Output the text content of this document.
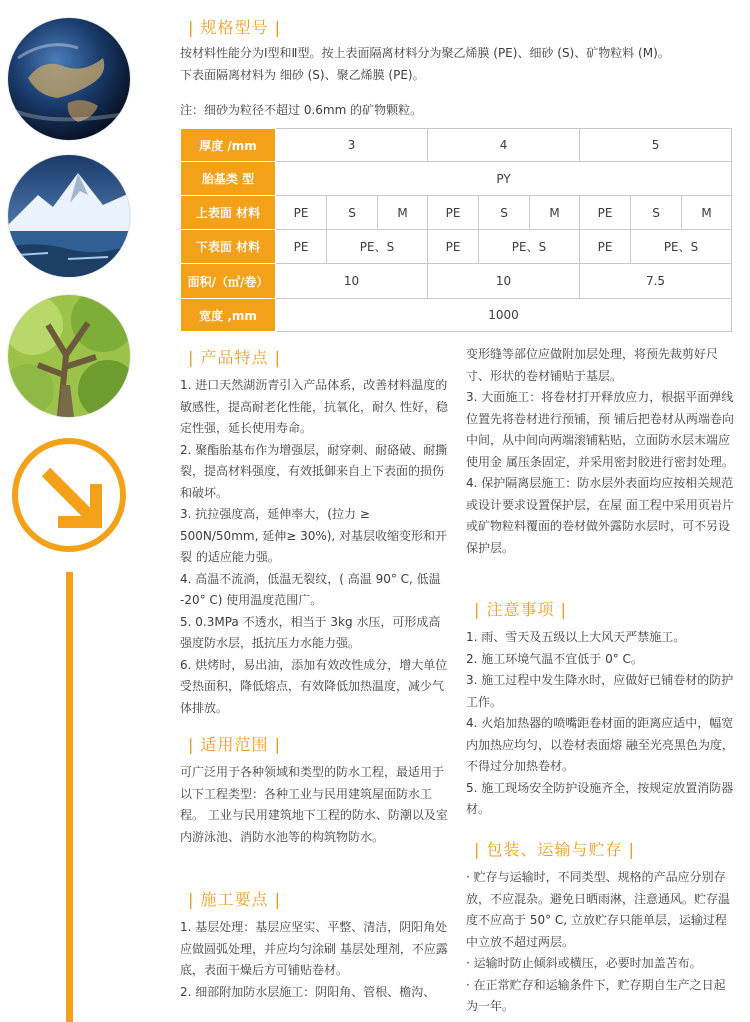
| 规格型号 |

按材料性能分为Ⅰ型和Ⅱ型。按上表面隔离材料分为聚乙烯膜 (PE)、细砂 (S)、矿物粒料 (M)。

下表面隔离材料为 细砂 (S)、聚乙烯膜 (PE)。

注：细砂为粒径不超过 0.6mm 的矿物颗粒。

厚度 /mm	3			4			5		
胎基类 型	PY								
上表面 材料	PE	S	M	PE	S	M	PE	S	M
下表面 材料	PE	PE、S		PE	PE、S		PE	PE、S	
面积/（㎡/卷）	10			10			7.5		
宽度 ,mm	1000								
| 产品特点 |

1. 进口天然湖沥青引入产品体系，改善材料温度的敏感性，提高耐老化性能，抗氧化，耐久 性好，稳定性强，延长使用寿命。

2. 聚酯胎基布作为增强层，耐穿刺、耐硌破、耐撕裂，提高材料强度，有效抵御来自上下表面的损伤和破坏。

3. 抗拉强度高，延伸率大，(拉力 ≥ 500N/50mm, 延伸≥ 30%), 对基层收缩变形和开裂 的适应能力强。

4. 高温不流淌，低温无裂纹，( 高温 90° C, 低温 -20° C) 使用温度范围广。

5. 0.3MPa 不透水，相当于 3kg 水压，可形成高强度防水层，抵抗压力水能力强。

6. 烘烤时，易出油，添加有效改性成分，增大单位受热面积，降低熔点，有效降低加热温度，减少气体排放。

| 适用范围 |

可广泛用于各种领域和类型的防水工程，最适用于以下工程类型：各种工业与民用建筑屋面防水工程。 工业与民用建筑地下工程的防水、防潮以及室内游泳池、消防水池等的构筑物防水。

| 施工要点 |

1. 基层处理：基层应坚实、平整、清洁，阴阳角处应做圆弧处理，并应均匀涂刷 基层处理剂，不应露底，表面干燥后方可铺贴卷材。

2. 细部附加防水层施工：阴阳角、管根、檐沟、

变形缝等部位应做附加层处理，将预先裁剪好尺寸、形状的卷材铺贴于基层。

3. 大面施工：将卷材打开释放应力，根据平面弹线位置先将卷材进行预铺，预 铺后把卷材从两端卷向中间，从中间向两端滚铺粘贴，立面防水层末端应使用金 属压条固定，并采用密封胶进行密封处理。

4. 保护隔离层施工：防水层外表面均应按相关规范或设计要求设置保护层，在屋 面工程中采用页岩片或矿物粒料覆面的卷材做外露防水层时，可不另设保护层。

| 注意事项 |

1. 雨、雪天及五级以上大风天严禁施工。

2. 施工环境气温不宜低于 0° C。

3. 施工过程中发生降水时，应做好已铺卷材的防护工作。

4. 火焰加热器的喷嘴距卷材面的距离应适中，幅宽内加热应均匀，以卷材表面熔 融至光亮黑色为度，不得过分加热卷材。

5. 施工现场安全防护设施齐全，按规定放置消防器材。

| 包装、运输与贮存 |

· 贮存与运输时，不同类型、规格的产品应分别存放，不应混杂。避免日晒雨淋，注意通风。贮存温度不应高于 50° C, 立放贮存只能单层，运输过程中立放不超过两层。

· 运输时防止倾斜或横压，必要时加盖苫布。

· 在正常贮存和运输条件下，贮存期自生产之日起为一年。
